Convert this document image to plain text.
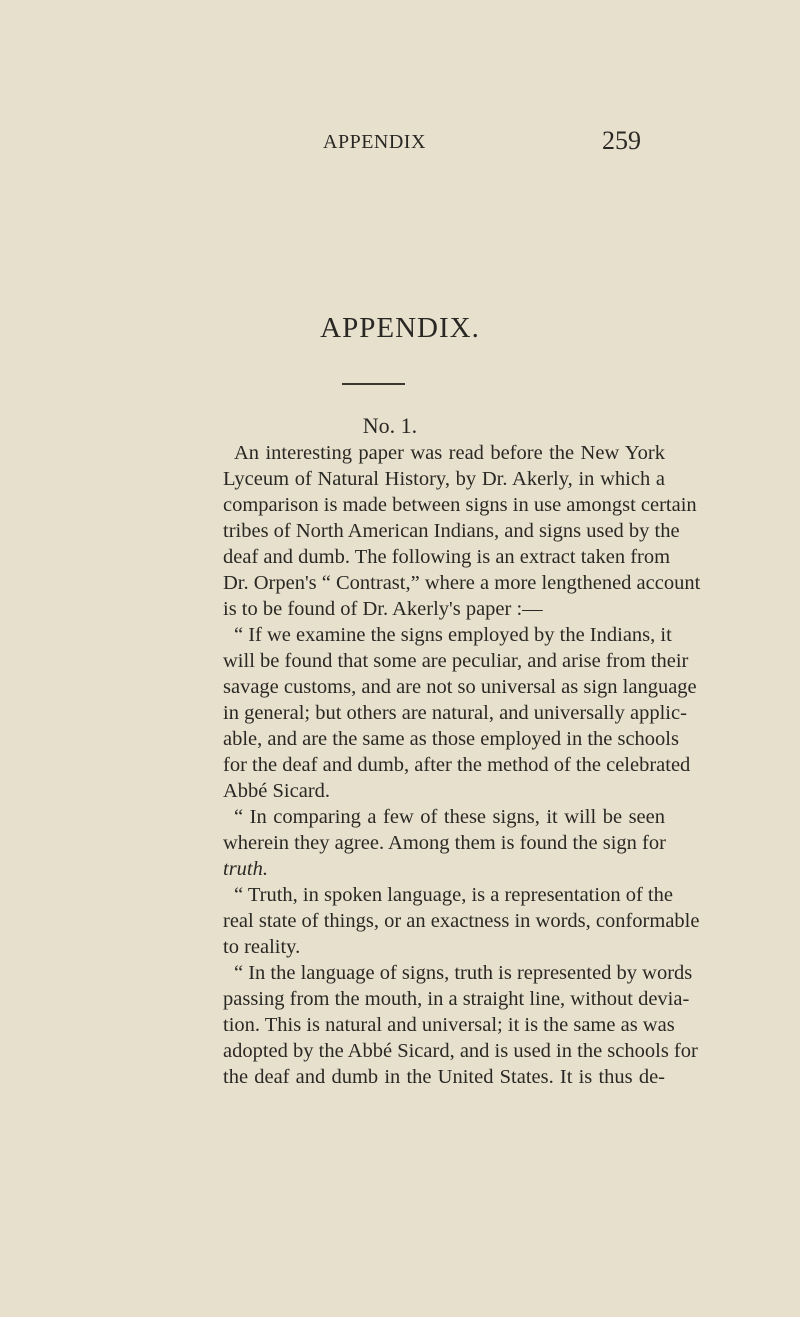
APPENDIX	259
APPENDIX.
No. 1.
An interesting paper was read before the New York
Lyceum of Natural History, by Dr. Akerly, in which a
comparison is made between signs in use amongst certain
tribes of North American Indians, and signs used by the
deaf and dumb. The following is an extract taken from
Dr. Orpen's “ Contrast,” where a more lengthened account
is to be found of Dr. Akerly's paper :—
“ If we examine the signs employed by the Indians, it
will be found that some are peculiar, and arise from their
savage customs, and are not so universal as sign language
in general; but others are natural, and universally applic-
able, and are the same as those employed in the schools
for the deaf and dumb, after the method of the celebrated
Abbé Sicard.
“ In comparing a few of these signs, it will be seen
wherein they agree. Among them is found the sign for
truth.
“ Truth, in spoken language, is a representation of the
real state of things, or an exactness in words, conformable
to reality.
“ In the language of signs, truth is represented by words
passing from the mouth, in a straight line, without devia-
tion. This is natural and universal; it is the same as was
adopted by the Abbé Sicard, and is used in the schools for
the deaf and dumb in the United States. It is thus de-
